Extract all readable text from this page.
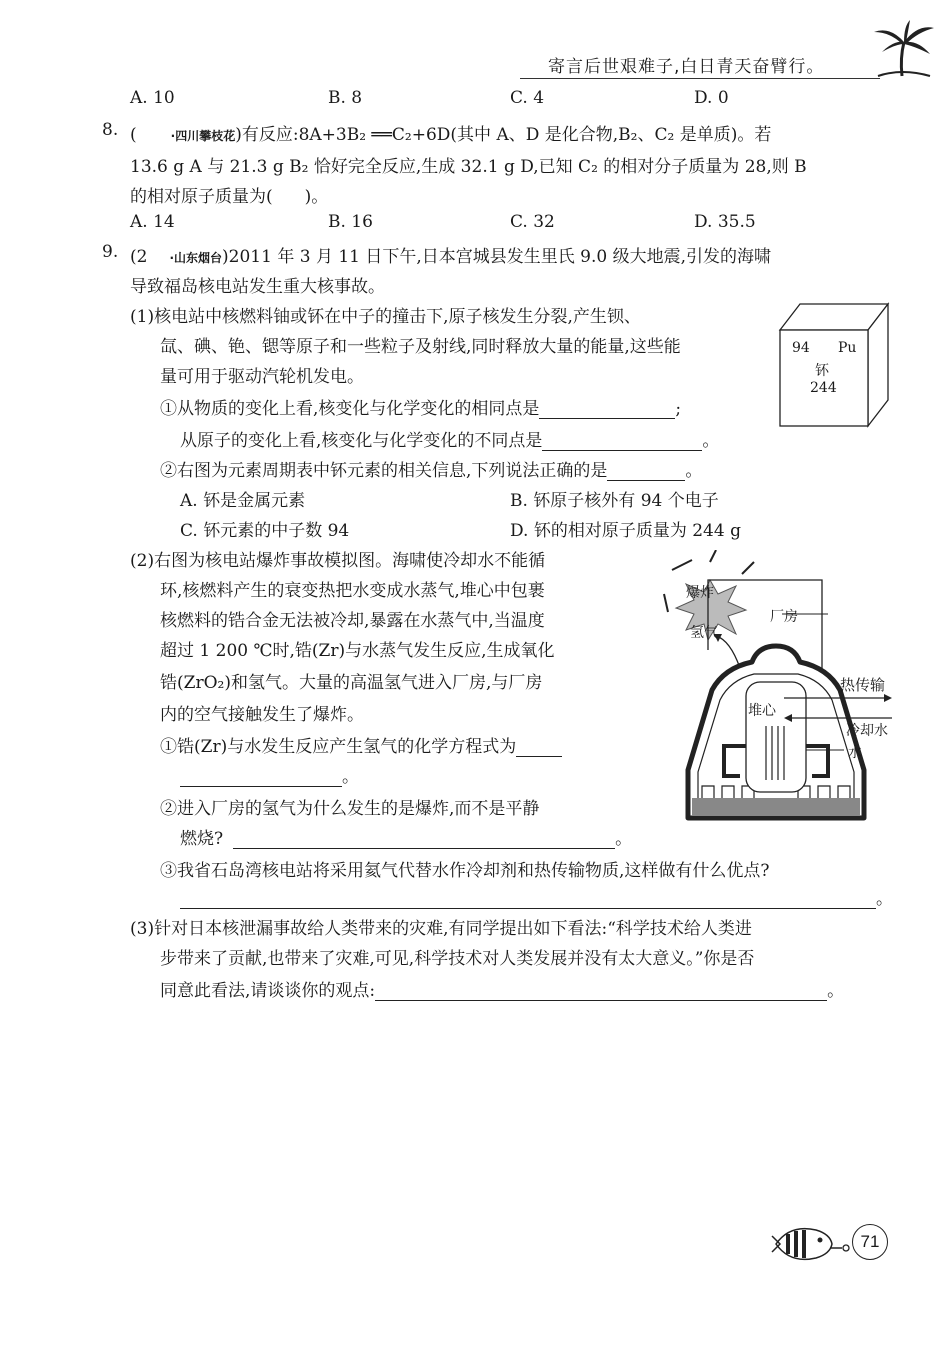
寄言后世艰难子,白日青天奋臂行。
A. 10	B. 8	C. 4	D. 0
8. (	·四川攀枝花)有反应:8A+3B₂ ══C₂+6D(其中 A、D 是化合物,B₂、C₂ 是单质)。若
13.6 g A 与 21.3 g B₂ 恰好完全反应,生成 32.1 g D,已知 C₂ 的相对分子质量为 28,则 B
的相对原子质量为( )。
A. 14	B. 16	C. 32	D. 35.5
9. (2 ·山东烟台)2011 年 3 月 11 日下午,日本宫城县发生里氏 9.0 级大地震,引发的海啸
导致福岛核电站发生重大核事故。
(1)核电站中核燃料铀或钚在中子的撞击下,原子核发生分裂,产生钡、
氙、碘、铯、锶等原子和一些粒子及射线,同时释放大量的能量,这些能
量可用于驱动汽轮机发电。
94 Pu
钚
244
①从物质的变化上看,核变化与化学变化的相同点是	;
从原子的变化上看,核变化与化学变化的不同点是	。
②右图为元素周期表中钚元素的相关信息,下列说法正确的是	。
A. 钚是金属元素	B. 钚原子核外有 94 个电子
C. 钚元素的中子数 94	D. 钚的相对原子质量为 244 g
(2)右图为核电站爆炸事故模拟图。海啸使冷却水不能循
环,核燃料产生的衰变热把水变成水蒸气,堆心中包裹
核燃料的锆合金无法被冷却,暴露在水蒸气中,当温度
超过 1 200 ℃时,锆(Zr)与水蒸气发生反应,生成氧化
锆(ZrO₂)和氢气。大量的高温氢气进入厂房,与厂房
内的空气接触发生了爆炸。
①锆(Zr)与水发生反应产生氢气的化学方程式为
。
②进入厂房的氢气为什么发生的是爆炸,而不是平静
燃烧?	。
③我省石岛湾核电站将采用氦气代替水作冷却剂和热传输物质,这样做有什么优点?
。
爆炸
氢气
厂房
热传输
堆心
冷却水
水
(3)针对日本核泄漏事故给人类带来的灾难,有同学提出如下看法:“科学技术给人类进
步带来了贡献,也带来了灾难,可见,科学技术对人类发展并没有太大意义。”你是否
同意此看法,请谈谈你的观点:	。
71
